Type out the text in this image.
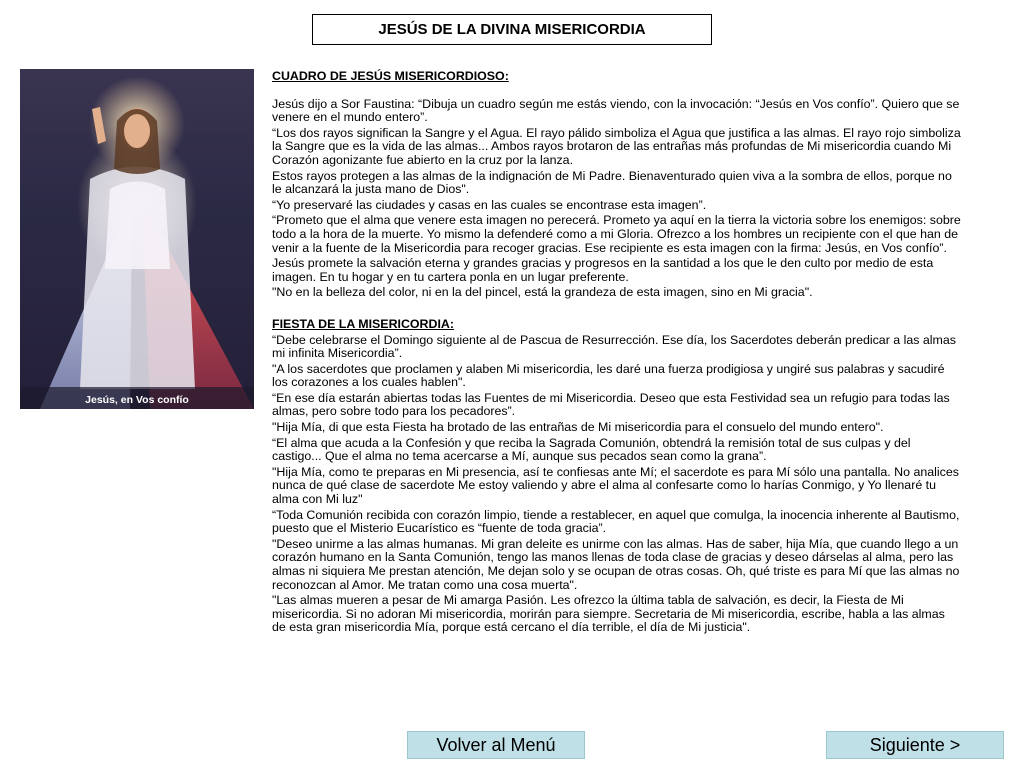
JESÚS DE LA DIVINA MISERICORDIA
Jesús, en Vos confío

CUADRO DE JESÚS MISERICORDIOSO:

Jesús dijo a Sor Faustina: “Dibuja un cuadro según me estás viendo, con la invocación: “Jesús en Vos confío”. Quiero que se venere en el mundo entero”.

“Los dos rayos significan la Sangre y el Agua. El rayo pálido simboliza el Agua que justifica a las almas. El rayo rojo simboliza la Sangre que es la vida de las almas... Ambos rayos brotaron de las entrañas más profundas de Mi misericordia cuando Mi Corazón agonizante fue abierto en la cruz por la lanza.

Estos rayos protegen a las almas de la indignación de Mi Padre. Bienaventurado quien viva a la sombra de ellos, porque no le alcanzará la justa mano de Dios".

“Yo preservaré las ciudades y casas en las cuales se encontrase esta imagen”.

“Prometo que el alma que venere esta imagen no perecerá. Prometo ya aquí en la tierra la victoria sobre los enemigos: sobre todo a la hora de la muerte. Yo mismo la defenderé como a mi Gloria. Ofrezco a los hombres un recipiente con el que han de venir a la fuente de la Misericordia para recoger gracias. Ese recipiente es esta imagen con la firma: Jesús, en Vos confío”.

Jesús promete la salvación eterna y grandes gracias y progresos en la santidad a los que le den culto por medio de esta imagen. En tu hogar y en tu cartera ponla en un lugar preferente.

"No en la belleza del color, ni en la del pincel, está la grandeza de esta imagen, sino en Mi gracia".

FIESTA DE LA MISERICORDIA:

“Debe celebrarse el Domingo siguiente al de Pascua de Resurrección. Ese día, los Sacerdotes deberán predicar a las almas mi infinita Misericordia”.

"A los sacerdotes que proclamen y alaben Mi misericordia, les daré una fuerza prodigiosa y ungiré sus palabras y sacudiré los corazones a los cuales hablen".

“En ese día estarán abiertas todas las Fuentes de mi Misericordia. Deseo que esta Festividad sea un refugio para todas las almas, pero sobre todo para los pecadores”.

"Hija Mía, di que esta Fiesta ha brotado de las entrañas de Mi misericordia para el consuelo del mundo entero".

“El alma que acuda a la Confesión y que reciba la Sagrada Comunión, obtendrá la remisión total de sus culpas y del castigo... Que el alma no tema acercarse a Mí, aunque sus pecados sean como la grana”.

"Hija Mía, como te preparas en Mi presencia, así te confiesas ante Mí; el sacerdote es para Mí sólo una pantalla. No analices nunca de qué clase de sacerdote Me estoy valiendo y abre el alma al confesarte como lo harías Conmigo, y Yo llenaré tu alma con Mi luz"

“Toda Comunión recibida con corazón limpio, tiende a restablecer, en aquel que comulga, la inocencia inherente al Bautismo, puesto que el Misterio Eucarístico es “fuente de toda gracia”.

"Deseo unirme a las almas humanas. Mi gran deleite es unirme con las almas. Has de saber, hija Mía, que cuando llego a un corazón humano en la Santa Comunión, tengo las manos llenas de toda clase de gracias y deseo dárselas al alma, pero las almas ni siquiera Me prestan atención, Me dejan solo y se ocupan de otras cosas. Oh, qué triste es para Mí que las almas no reconozcan al Amor. Me tratan como una cosa muerta".

"Las almas mueren a pesar de Mi amarga Pasión. Les ofrezco la última tabla de salvación, es decir, la Fiesta de Mi misericordia. Si no adoran Mi misericordia, morirán para siempre. Secretaria de Mi misericordia, escribe, habla a las almas de esta gran misericordia Mía, porque está cercano el día terrible, el día de Mi justicia".

Volver al Menú	Siguiente >
